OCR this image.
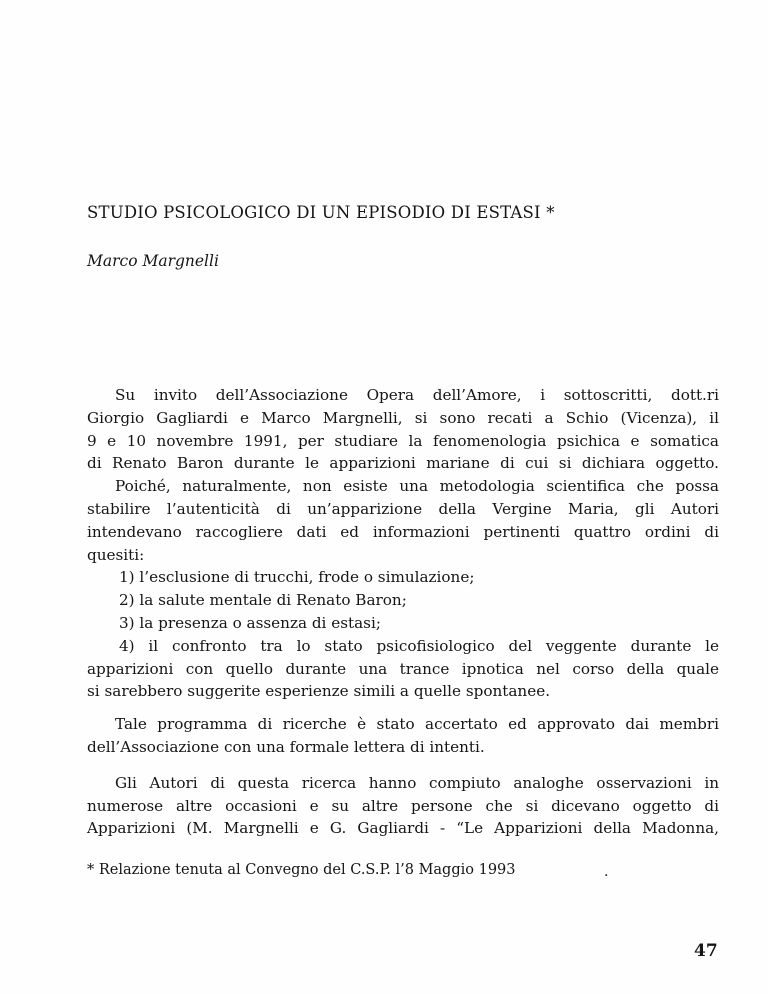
STUDIO PSICOLOGICO DI UN EPISODIO DI ESTASI *

Marco Margnelli

Su invito dell’Associazione Opera dell’Amore, i sottoscritti, dott.ri
Giorgio Gagliardi e Marco Margnelli, si sono recati a Schio (Vicenza), il
9 e 10 novembre 1991, per studiare la fenomenologia psichica e somatica
di Renato Baron durante le apparizioni mariane di cui si dichiara oggetto.
Poiché, naturalmente, non esiste una metodologia scientifica che possa
stabilire l’autenticità di un’apparizione della Vergine Maria, gli Autori
intendevano raccogliere dati ed informazioni pertinenti quattro ordini di
quesiti:
1) l’esclusione di trucchi, frode o simulazione;
2) la salute mentale di Renato Baron;
3) la presenza o assenza di estasi;
4) il confronto tra lo stato psicofisiologico del veggente durante le
apparizioni con quello durante una trance ipnotica nel corso della quale
si sarebbero suggerite esperienze simili a quelle spontanee.
Tale programma di ricerche è stato accertato ed approvato dai membri
dell’Associazione con una formale lettera di intenti.
Gli Autori di questa ricerca hanno compiuto analoghe osservazioni in
numerose altre occasioni e su altre persone che si dicevano oggetto di
Apparizioni (M. Margnelli e G. Gagliardi - “Le Apparizioni della Madonna,
* Relazione tenuta al Convegno del C.S.P. l’8 Maggio 1993	.
47
